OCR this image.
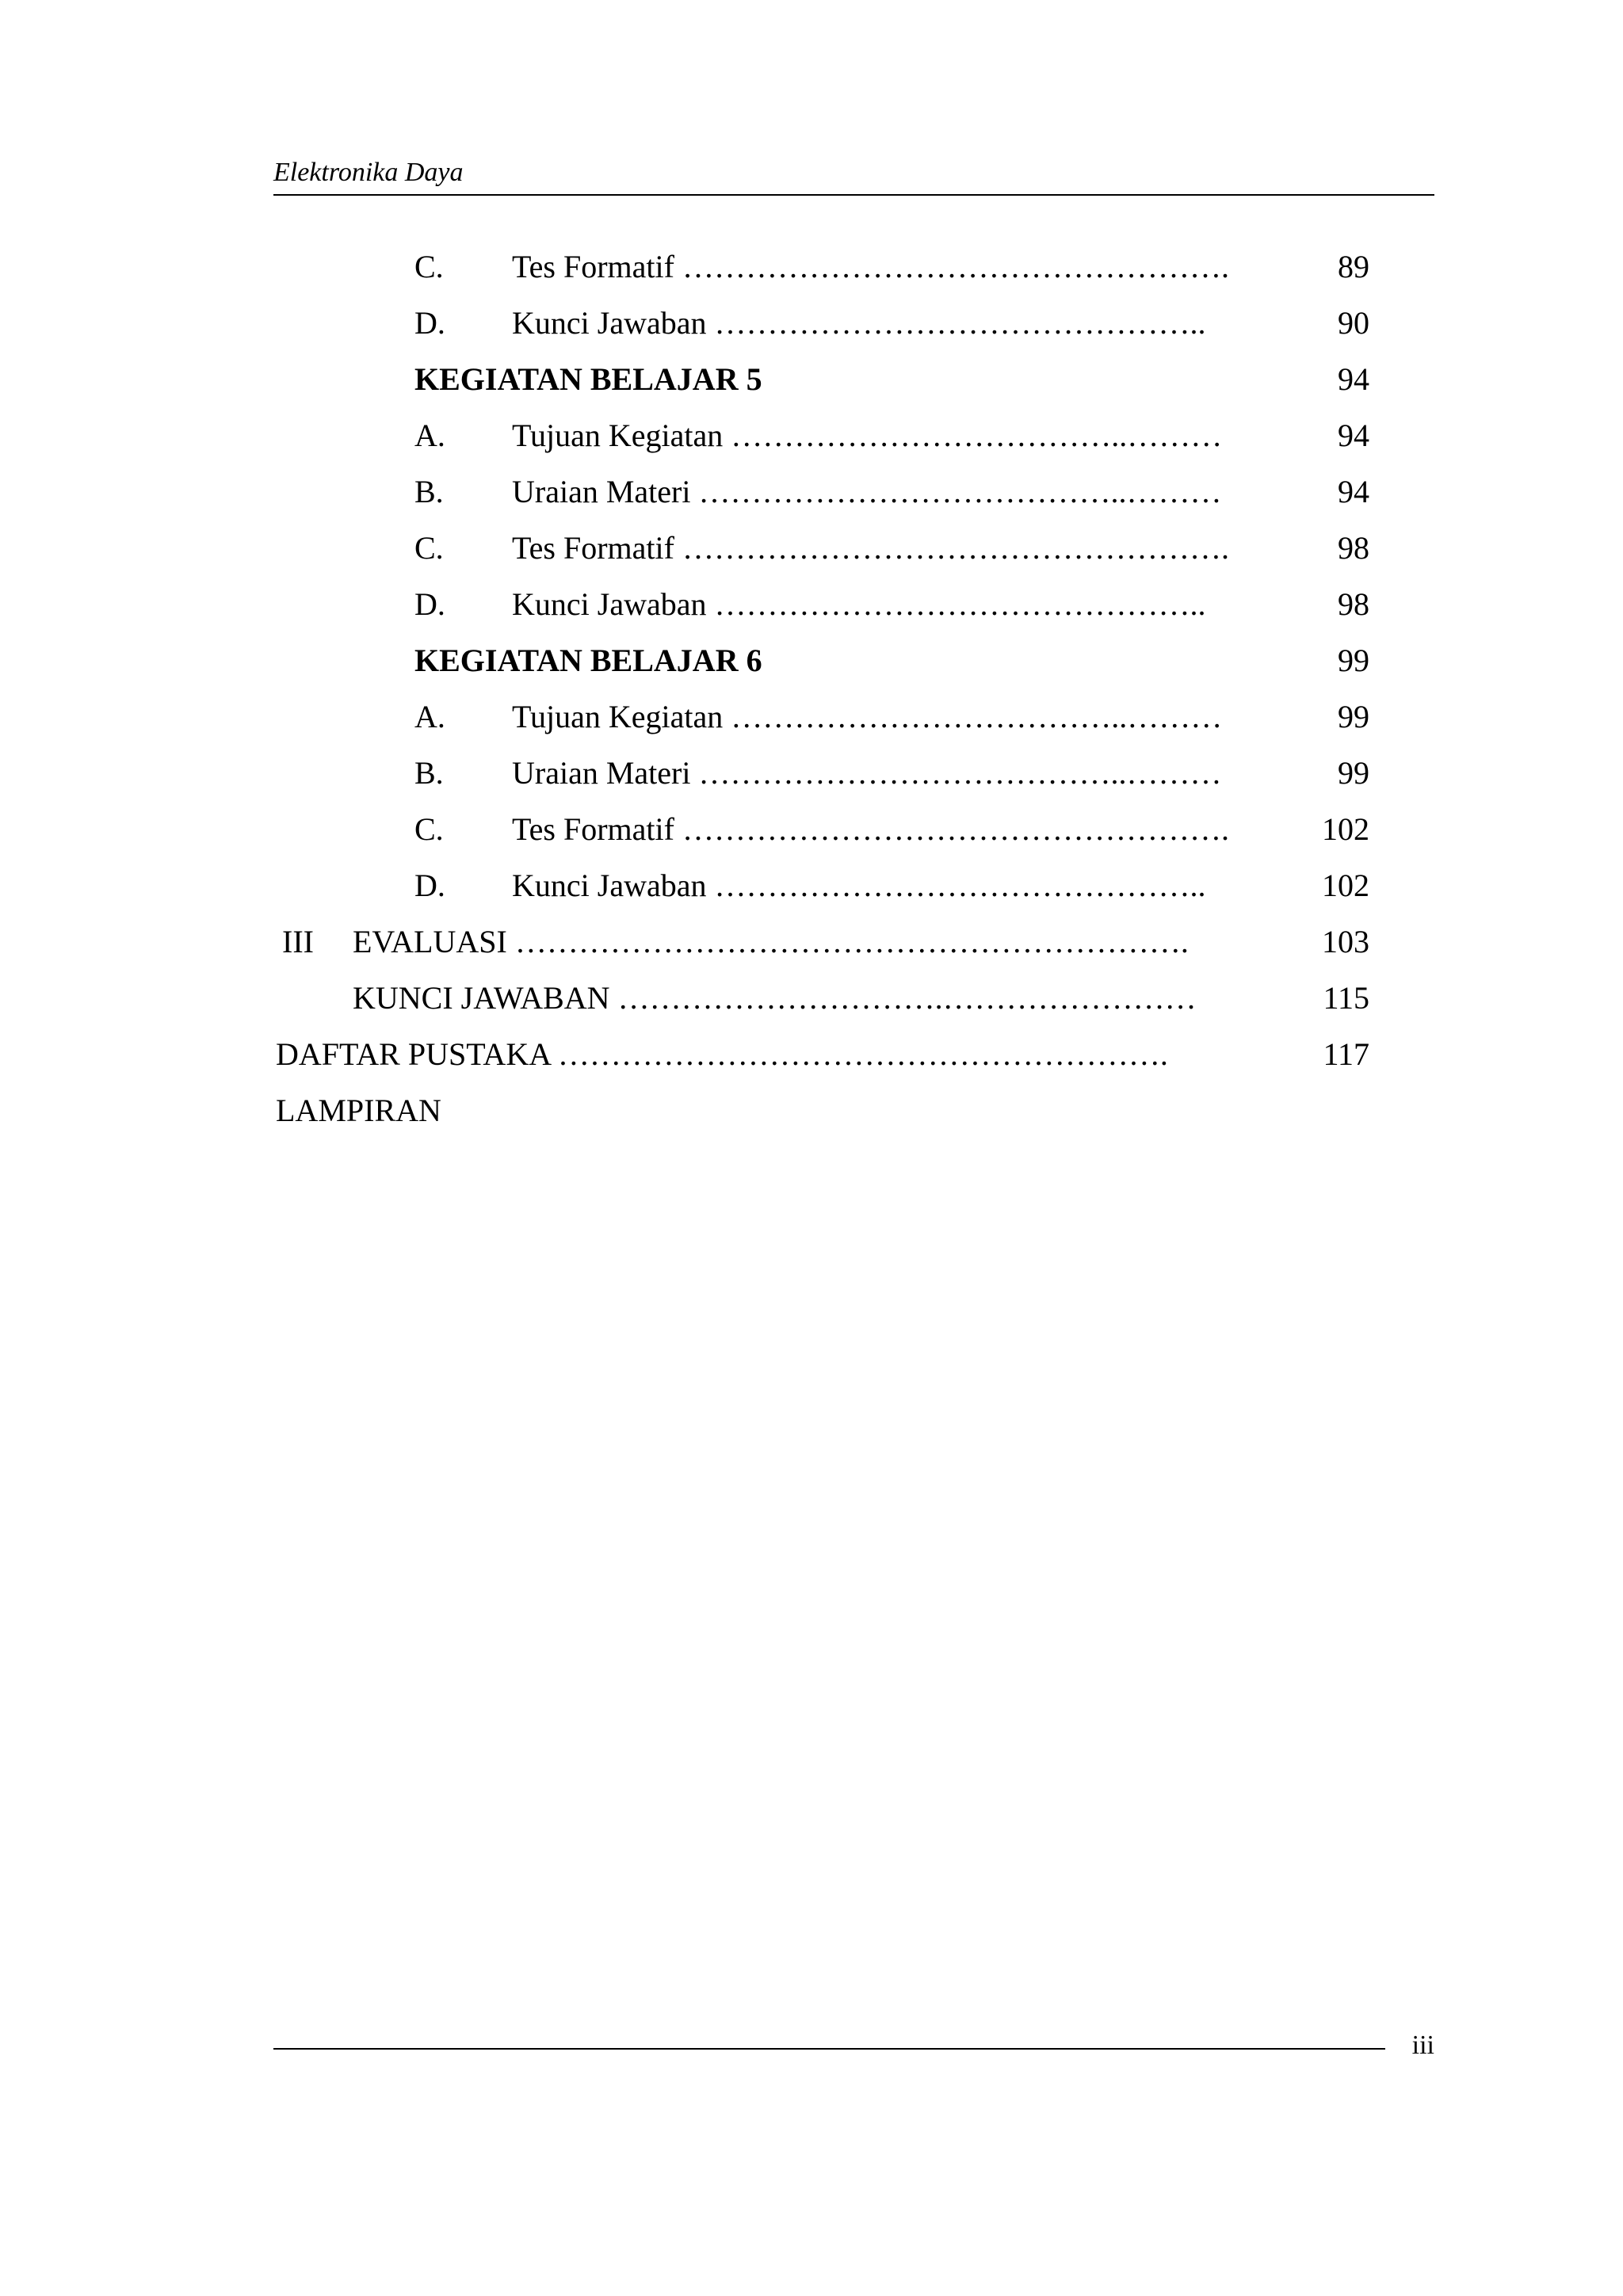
Elektronika Daya
C. Tes Formatif …………………………………………….	89
D. Kunci Jawaban ………………………………………..	90
KEGIATAN BELAJAR 5	94
A. Tujuan Kegiatan ………………………………..………	94
B. Uraian Materi …………………………………..………	94
C. Tes Formatif …………………………………………….	98
D. Kunci Jawaban ………………………………………..	98
KEGIATAN BELAJAR 6	99
A. Tujuan Kegiatan ………………………………..………	99
B. Uraian Materi …………………………………..………	99
C. Tes Formatif …………………………………………….	102
D. Kunci Jawaban ………………………………………..	102
III EVALUASI ……………………………………………………….	103
KUNCI JAWABAN ………………………….……………………	115
DAFTAR PUSTAKA ………………………………………………….	117
LAMPIRAN
iii
